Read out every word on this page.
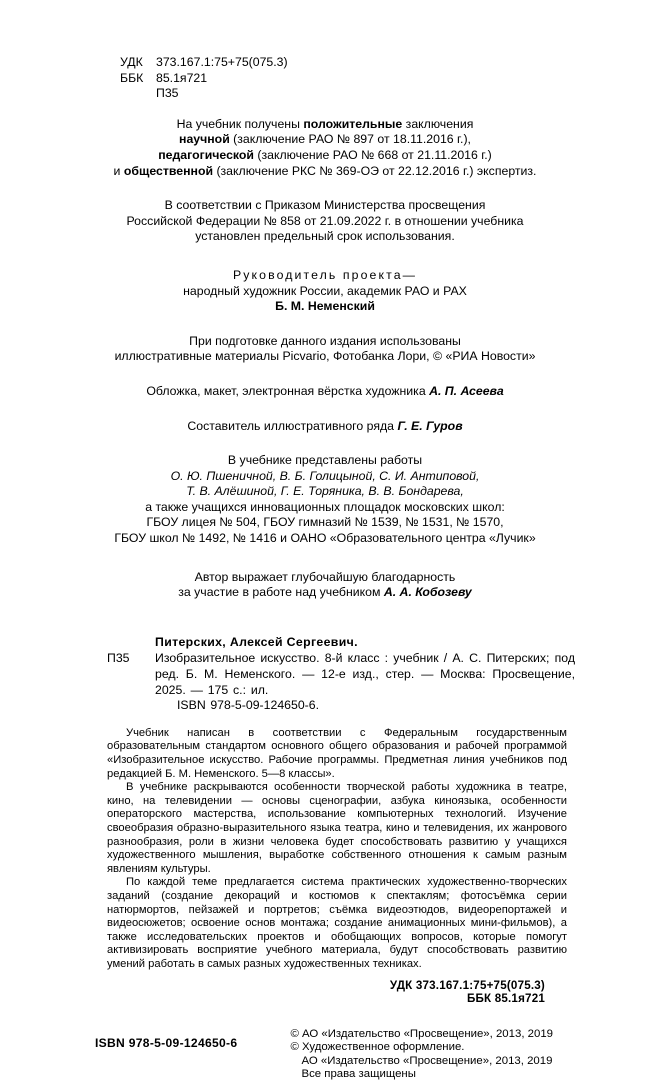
УДК	373.167.1:75+75(075.3)
ББК	85.1я721
П35
На учебник получены положительные заключения
научной (заключение РАО № 897 от 18.11.2016 г.),
педагогической (заключение РАО № 668 от 21.11.2016 г.)
и общественной (заключение РКС № 369-ОЭ от 22.12.2016 г.) экспертиз.
В соответствии с Приказом Министерства просвещения
Российской Федерации № 858 от 21.09.2022 г. в отношении учебника
установлен предельный срок использования.
Руководитель проекта—
народный художник России, академик РАО и РАХ
Б. М. Неменский
При подготовке данного издания использованы
иллюстративные материалы Picvario, Фотобанка Лори, © «РИА Новости»
Обложка, макет, электронная вёрстка художника А. П. Асеева
Составитель иллюстративного ряда Г. Е. Гуров
В учебнике представлены работы
О. Ю. Пшеничной, В. Б. Голицыной, С. И. Антиповой,
Т. В. Алёшиной, Г. Е. Торяника, В. В. Бондарева,
а также учащихся инновационных площадок московских школ:
ГБОУ лицея № 504, ГБОУ гимназий № 1539, № 1531, № 1570,
ГБОУ школ № 1492, № 1416 и ОАНО «Образовательного центра «Лучик»
Автор выражает глубочайшую благодарность
за участие в работе над учебником А. А. Кобозеву
Питерских, Алексей Сергеевич.
П35 Изобразительное искусство. 8-й класс : учебник / А. С. Питерских; под ред. Б. М. Неменского. — 12-е изд., стер. — Москва: Просвещение, 2025. — 175 с.: ил.
ISBN 978-5-09-124650-6.

Учебник написан в соответствии с Федеральным государственным образовательным стандартом основного общего образования и рабочей программой «Изобразительное искусство. Рабочие программы. Предметная линия учебников под редакцией Б. М. Неменского. 5—8 классы».

В учебнике раскрываются особенности творческой работы художника в театре, кино, на телевидении — основы сценографии, азбука киноязыка, особенности операторского мастерства, использование компьютерных технологий. Изучение своеобразия образно-выразительного языка театра, кино и телевидения, их жанрового разнообразия, роли в жизни человека будет способствовать развитию у учащихся художественного мышления, выработке собственного отношения к самым разным явлениям культуры.

По каждой теме предлагается система практических художественно-творческих заданий (создание декораций и костюмов к спектаклям; фотосъёмка серии натюрмортов, пейзажей и портретов; съёмка видеоэтюдов, видеорепортажей и видеосюжетов; освоение основ монтажа; создание анимационных мини-фильмов), а также исследовательских проектов и обобщающих вопросов, которые помогут активизировать восприятие учебного материала, будут способствовать развитию умений работать в самых разных художественных техниках.

УДК 373.167.1:75+75(075.3)
ББК 85.1я721
ISBN 978-5-09-124650-6
© АО «Издательство «Просвещение», 2013, 2019
© Художественное оформление.
АО «Издательство «Просвещение», 2013, 2019
Все права защищены
